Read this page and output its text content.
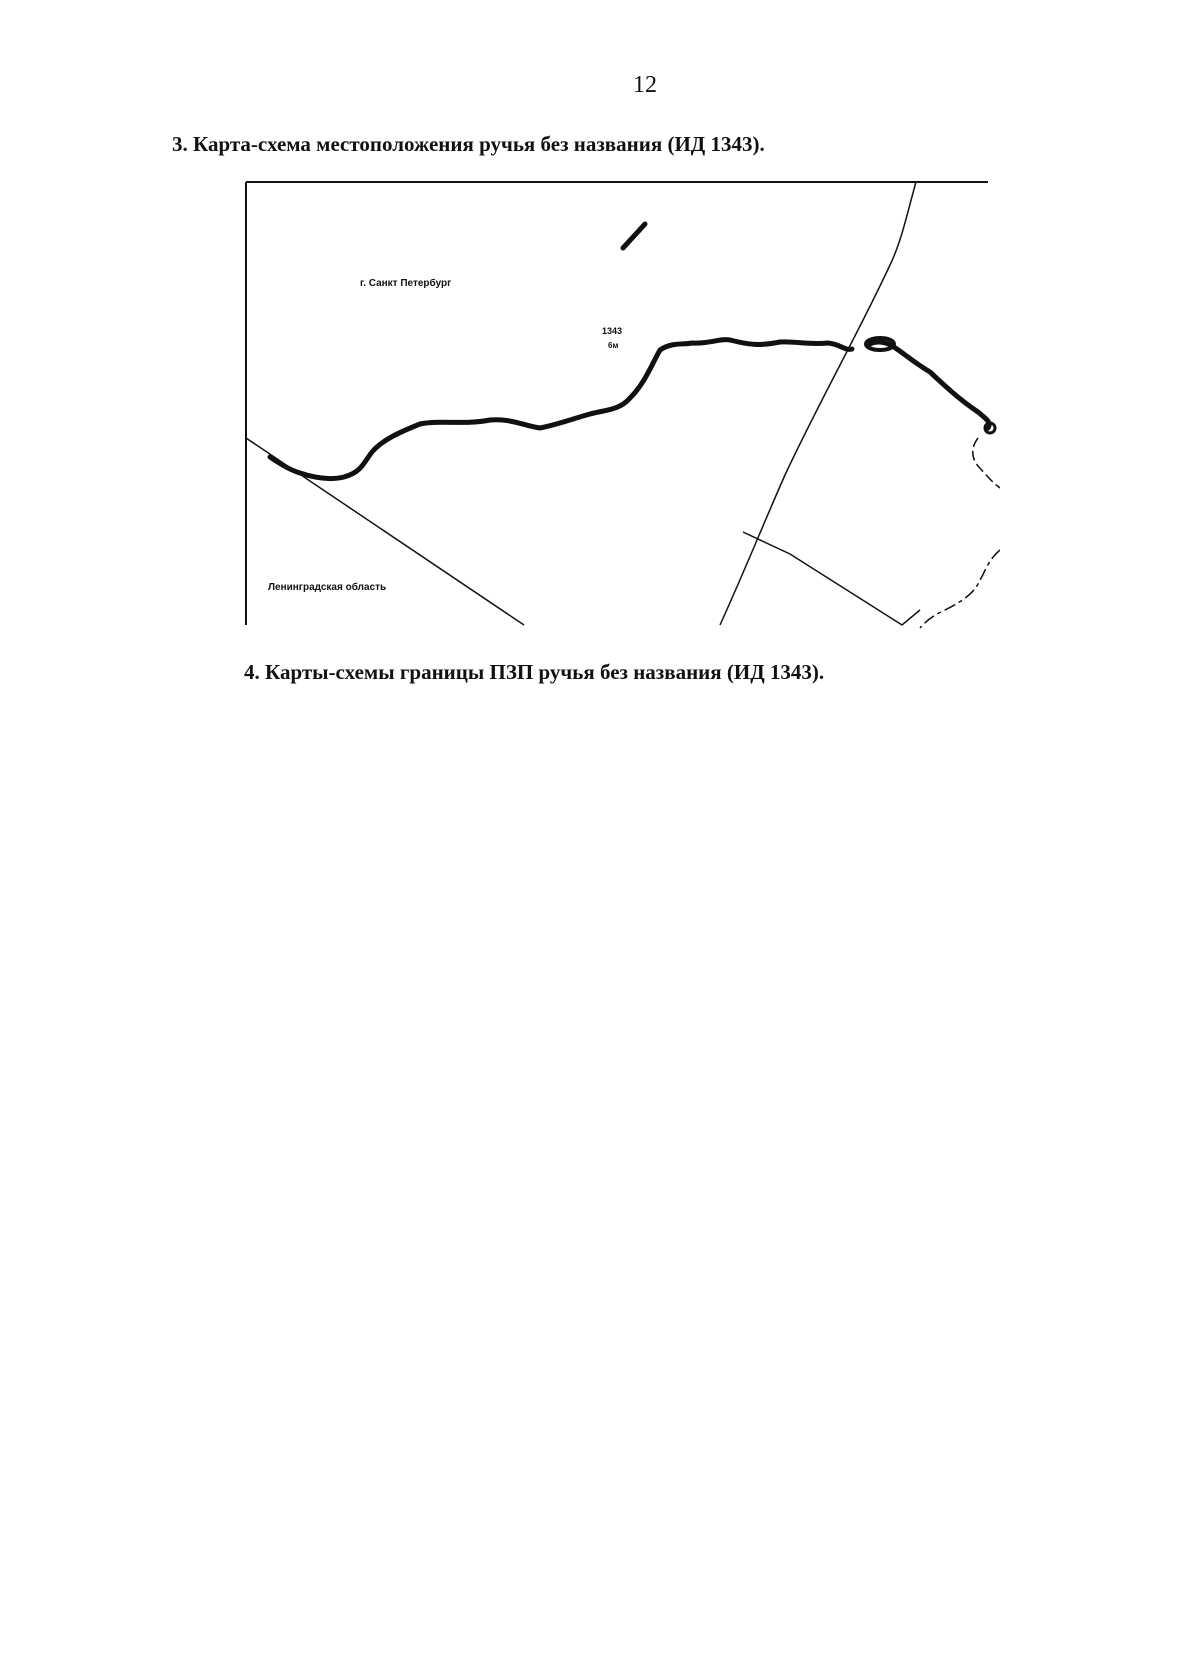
12
3. Карта-схема местоположения ручья без названия (ИД 1343).
г. Санкт Петербург
Ленинградская область
1343
6м
4. Карты-схемы границы ПЗП ручья без названия (ИД 1343).
